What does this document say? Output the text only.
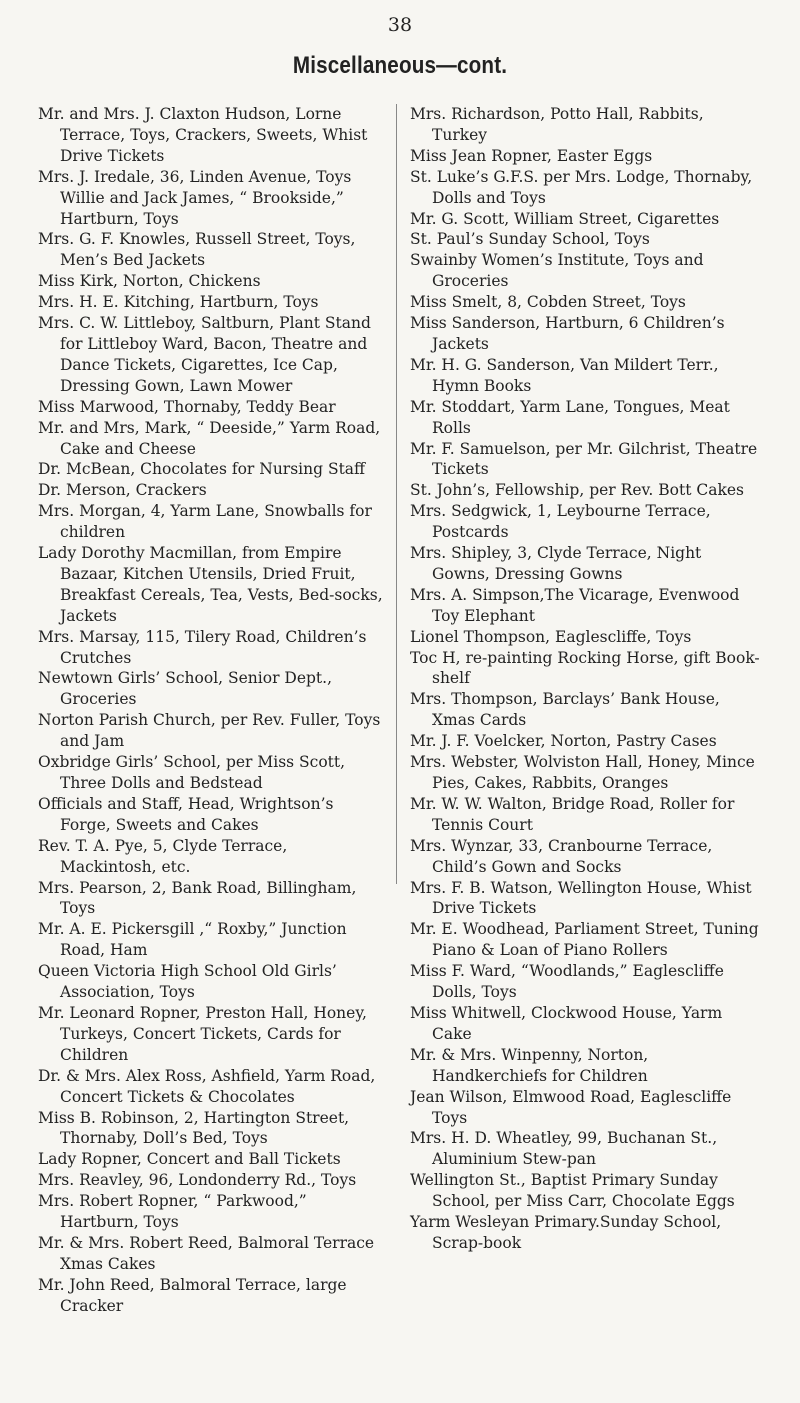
38
Miscellaneous—cont.

Mr. and Mrs. J. Claxton Hudson, Lorne Terrace, Toys, Crackers, Sweets, Whist Drive Tickets

Mrs. J. Iredale, 36, Linden Avenue, Toys Willie and Jack James, “ Brookside,” Hartburn, Toys

Mrs. G. F. Knowles, Russell Street, Toys, Men’s Bed Jackets

Miss Kirk, Norton, Chickens

Mrs. H. E. Kitching, Hartburn, Toys

Mrs. C. W. Littleboy, Saltburn, Plant Stand for Littleboy Ward, Bacon, Theatre and Dance Tickets, Cigarettes, Ice Cap, Dressing Gown, Lawn Mower

Miss Marwood, Thornaby, Teddy Bear

Mr. and Mrs, Mark, “ Deeside,” Yarm Road, Cake and Cheese

Dr. McBean, Chocolates for Nursing Staff

Dr. Merson, Crackers

Mrs. Morgan, 4, Yarm Lane, Snowballs for children

Lady Dorothy Macmillan, from Empire Bazaar, Kitchen Utensils, Dried Fruit, Breakfast Cereals, Tea, Vests, Bed-socks, Jackets

Mrs. Marsay, 115, Tilery Road, Children’s Crutches

Newtown Girls’ School, Senior Dept., Groceries

Norton Parish Church, per Rev. Fuller, Toys and Jam

Oxbridge Girls’ School, per Miss Scott, Three Dolls and Bedstead

Officials and Staff, Head, Wrightson’s Forge, Sweets and Cakes

Rev. T. A. Pye, 5, Clyde Terrace, Mackintosh, etc.

Mrs. Pearson, 2, Bank Road, Billingham, Toys

Mr. A. E. Pickersgill ,“ Roxby,” Junction Road, Ham

Queen Victoria High School Old Girls’ Association, Toys

Mr. Leonard Ropner, Preston Hall, Honey, Turkeys, Concert Tickets, Cards for Children

Dr. & Mrs. Alex Ross, Ashfield, Yarm Road, Concert Tickets & Chocolates

Miss B. Robinson, 2, Hartington Street, Thornaby, Doll’s Bed, Toys

Lady Ropner, Concert and Ball Tickets

Mrs. Reavley, 96, Londonderry Rd., Toys

Mrs. Robert Ropner, “ Parkwood,” Hartburn, Toys

Mr. & Mrs. Robert Reed, Balmoral Terrace Xmas Cakes

Mr. John Reed, Balmoral Terrace, large Cracker

Mrs. Richardson, Potto Hall, Rabbits, Turkey

Miss Jean Ropner, Easter Eggs

St. Luke’s G.F.S. per Mrs. Lodge, Thornaby, Dolls and Toys

Mr. G. Scott, William Street, Cigarettes

St. Paul’s Sunday School, Toys

Swainby Women’s Institute, Toys and Groceries

Miss Smelt, 8, Cobden Street, Toys

Miss Sanderson, Hartburn, 6 Children’s Jackets

Mr. H. G. Sanderson, Van Mildert Terr., Hymn Books

Mr. Stoddart, Yarm Lane, Tongues, Meat Rolls

Mr. F. Samuelson, per Mr. Gilchrist, Theatre Tickets

St. John’s, Fellowship, per Rev. Bott Cakes

Mrs. Sedgwick, 1, Leybourne Terrace, Postcards

Mrs. Shipley, 3, Clyde Terrace, Night Gowns, Dressing Gowns

Mrs. A. Simpson,The Vicarage, Evenwood Toy Elephant

Lionel Thompson, Eaglescliffe, Toys

Toc H, re-painting Rocking Horse, gift Book-shelf

Mrs. Thompson, Barclays’ Bank House, Xmas Cards

Mr. J. F. Voelcker, Norton, Pastry Cases

Mrs. Webster, Wolviston Hall, Honey, Mince Pies, Cakes, Rabbits, Oranges

Mr. W. W. Walton, Bridge Road, Roller for Tennis Court

Mrs. Wynzar, 33, Cranbourne Terrace, Child’s Gown and Socks

Mrs. F. B. Watson, Wellington House, Whist Drive Tickets

Mr. E. Woodhead, Parliament Street, Tuning Piano & Loan of Piano Rollers

Miss F. Ward, “Woodlands,” Eaglescliffe Dolls, Toys

Miss Whitwell, Clockwood House, Yarm Cake

Mr. & Mrs. Winpenny, Norton, Handkerchiefs for Children

Jean Wilson, Elmwood Road, Eaglescliffe Toys

Mrs. H. D. Wheatley, 99, Buchanan St., Aluminium Stew-pan

Wellington St., Baptist Primary Sunday School, per Miss Carr, Chocolate Eggs

Yarm Wesleyan Primary.Sunday School, Scrap-book
